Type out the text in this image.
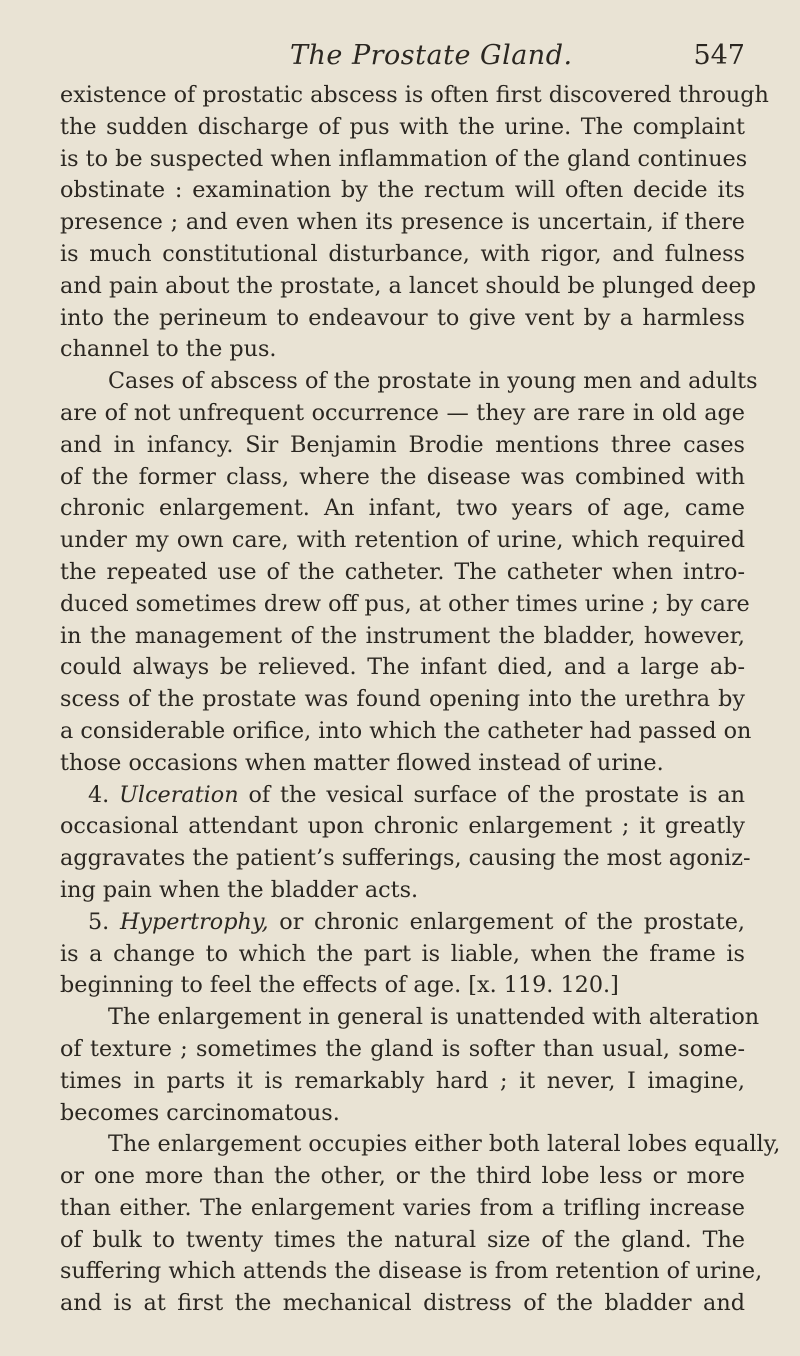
The Prostate Gland.	547
existence of prostatic abscess is often first discovered through
the sudden discharge of pus with the urine. The complaint
is to be suspected when inflammation of the gland continues
obstinate : examination by the rectum will often decide its
presence ; and even when its presence is uncertain, if there
is much constitutional disturbance, with rigor, and fulness
and pain about the prostate, a lancet should be plunged deep
into the perineum to endeavour to give vent by a harmless
channel to the pus.
Cases of abscess of the prostate in young men and adults
are of not unfrequent occurrence — they are rare in old age
and in infancy. Sir Benjamin Brodie mentions three cases
of the former class, where the disease was combined with
chronic enlargement. An infant, two years of age, came
under my own care, with retention of urine, which required
the repeated use of the catheter. The catheter when intro-
duced sometimes drew off pus, at other times urine ; by care
in the management of the instrument the bladder, however,
could always be relieved. The infant died, and a large ab-
scess of the prostate was found opening into the urethra by
a considerable orifice, into which the catheter had passed on
those occasions when matter flowed instead of urine.
4. Ulceration of the vesical surface of the prostate is an
occasional attendant upon chronic enlargement ; it greatly
aggravates the patient’s sufferings, causing the most agoniz-
ing pain when the bladder acts.
5. Hypertrophy, or chronic enlargement of the prostate,
is a change to which the part is liable, when the frame is
beginning to feel the effects of age. [x. 119. 120.]
The enlargement in general is unattended with alteration
of texture ; sometimes the gland is softer than usual, some-
times in parts it is remarkably hard ; it never, I imagine,
becomes carcinomatous.
The enlargement occupies either both lateral lobes equally,
or one more than the other, or the third lobe less or more
than either. The enlargement varies from a trifling increase
of bulk to twenty times the natural size of the gland. The
suffering which attends the disease is from retention of urine,
and is at first the mechanical distress of the bladder and
